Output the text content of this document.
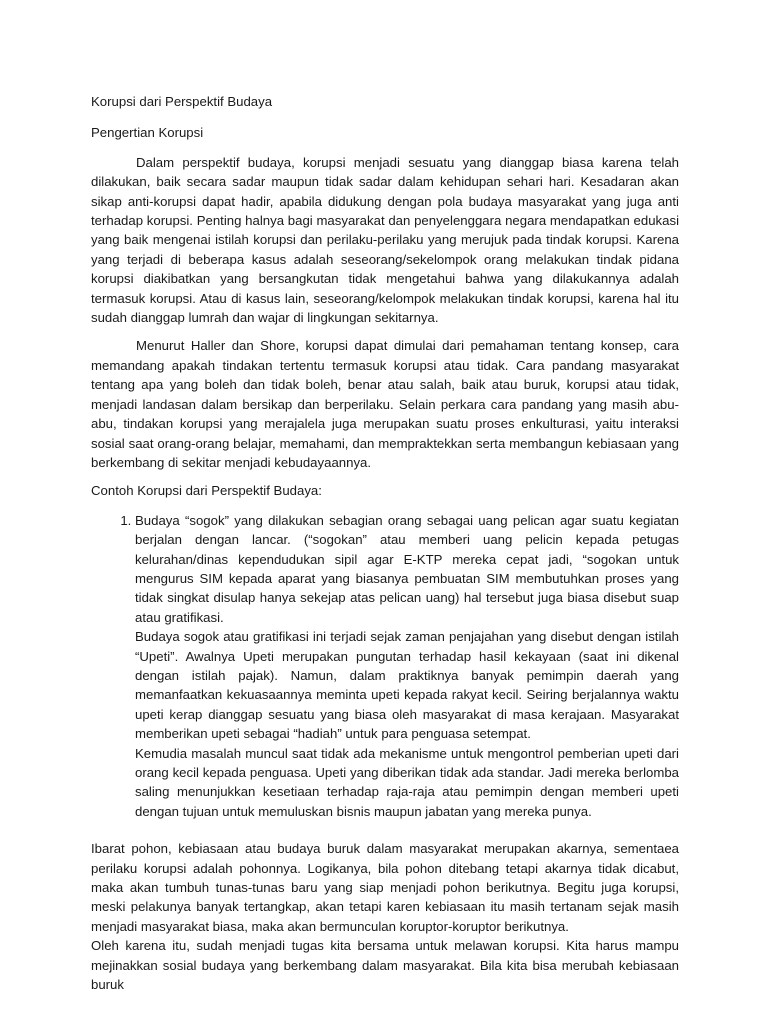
Korupsi dari Perspektif Budaya

Pengertian Korupsi

Dalam perspektif budaya, korupsi menjadi sesuatu yang dianggap biasa karena telah dilakukan, baik secara sadar maupun tidak sadar dalam kehidupan sehari hari. Kesadaran akan sikap anti-korupsi dapat hadir, apabila didukung dengan pola budaya masyarakat yang juga anti terhadap korupsi. Penting halnya bagi masyarakat dan penyelenggara negara mendapatkan edukasi yang baik mengenai istilah korupsi dan perilaku-perilaku yang merujuk pada tindak korupsi. Karena yang terjadi di beberapa kasus adalah seseorang/sekelompok orang melakukan tindak pidana korupsi diakibatkan yang bersangkutan tidak mengetahui bahwa yang dilakukannya adalah termasuk korupsi. Atau di kasus lain, seseorang/kelompok melakukan tindak korupsi, karena hal itu sudah dianggap lumrah dan wajar di lingkungan sekitarnya.

Menurut Haller dan Shore, korupsi dapat dimulai dari pemahaman tentang konsep, cara memandang apakah tindakan tertentu termasuk korupsi atau tidak. Cara pandang masyarakat tentang apa yang boleh dan tidak boleh, benar atau salah, baik atau buruk, korupsi atau tidak, menjadi landasan dalam bersikap dan berperilaku. Selain perkara cara pandang yang masih abu-abu, tindakan korupsi yang merajalela juga merupakan suatu proses enkulturasi, yaitu interaksi sosial saat orang-orang belajar, memahami, dan mempraktekkan serta membangun kebiasaan yang berkembang di sekitar menjadi kebudayaannya.

Contoh Korupsi dari Perspektif Budaya:

1. Budaya “sogok” yang dilakukan sebagian orang sebagai uang pelican agar suatu kegiatan berjalan dengan lancar. (“sogokan” atau memberi uang pelicin kepada petugas kelurahan/dinas kependudukan sipil agar E-KTP mereka cepat jadi, “sogokan untuk mengurus SIM kepada aparat yang biasanya pembuatan SIM membutuhkan proses yang tidak singkat disulap hanya sekejap atas pelican uang) hal tersebut juga biasa disebut suap atau gratifikasi.
Budaya sogok atau gratifikasi ini terjadi sejak zaman penjajahan yang disebut dengan istilah “Upeti”. Awalnya Upeti merupakan pungutan terhadap hasil kekayaan (saat ini dikenal dengan istilah pajak). Namun, dalam praktiknya banyak pemimpin daerah yang memanfaatkan kekuasaannya meminta upeti kepada rakyat kecil. Seiring berjalannya waktu upeti kerap dianggap sesuatu yang biasa oleh masyarakat di masa kerajaan. Masyarakat memberikan upeti sebagai “hadiah” untuk para penguasa setempat.
Kemudia masalah muncul saat tidak ada mekanisme untuk mengontrol pemberian upeti dari orang kecil kepada penguasa. Upeti yang diberikan tidak ada standar. Jadi mereka berlomba saling menunjukkan kesetiaan terhadap raja-raja atau pemimpin dengan memberi upeti dengan tujuan untuk memuluskan bisnis maupun jabatan yang mereka punya.

Ibarat pohon, kebiasaan atau budaya buruk dalam masyarakat merupakan akarnya, sementaea perilaku korupsi adalah pohonnya. Logikanya, bila pohon ditebang tetapi akarnya tidak dicabut, maka akan tumbuh tunas-tunas baru yang siap menjadi pohon berikutnya. Begitu juga korupsi, meski pelakunya banyak tertangkap, akan tetapi karen kebiasaan itu masih tertanam sejak masih menjadi masyarakat biasa, maka akan bermunculan koruptor-koruptor berikutnya.

Oleh karena itu, sudah menjadi tugas kita bersama untuk melawan korupsi. Kita harus mampu mejinakkan sosial budaya yang berkembang dalam masyarakat. Bila kita bisa merubah kebiasaan buruk
